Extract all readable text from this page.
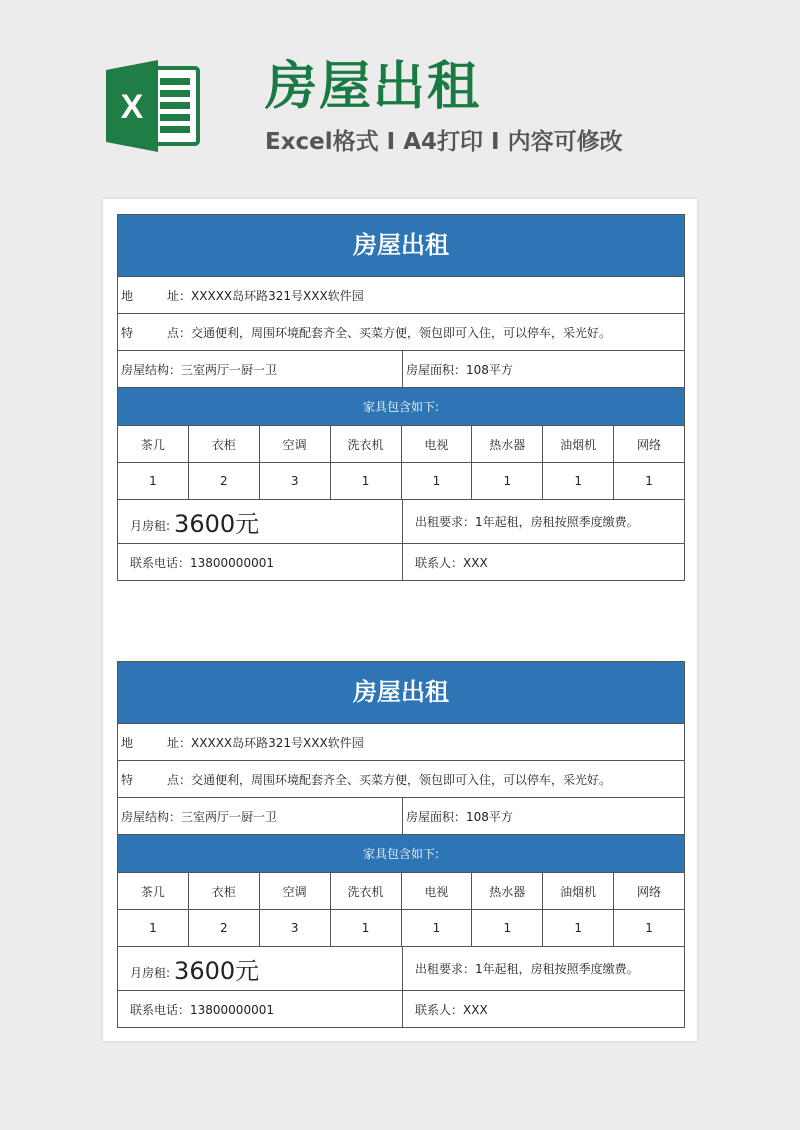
X 房屋出租
Excel格式 I A4打印 I 内容可修改
房屋出租
地	址： XXXXX岛环路321号XXX软件园
特	点： 交通便利，周围环境配套齐全、买菜方便，领包即可入住，可以停车，采光好。
房屋结构：三室两厅一厨一卫	房屋面积：108平方
家具包含如下:
茶几	衣柜	空调	洗衣机	电视	热水器	油烟机	网络
1	2	3	1	1	1	1	1
月房租: 3600元	出租要求：1年起租，房租按照季度缴费。
联系电话：13800000001	联系人：XXX
房屋出租
地	址： XXXXX岛环路321号XXX软件园
特	点： 交通便利，周围环境配套齐全、买菜方便，领包即可入住，可以停车，采光好。
房屋结构：三室两厅一厨一卫	房屋面积：108平方
家具包含如下:
茶几	衣柜	空调	洗衣机	电视	热水器	油烟机	网络
1	2	3	1	1	1	1	1
月房租: 3600元	出租要求：1年起租，房租按照季度缴费。
联系电话：13800000001	联系人：XXX
